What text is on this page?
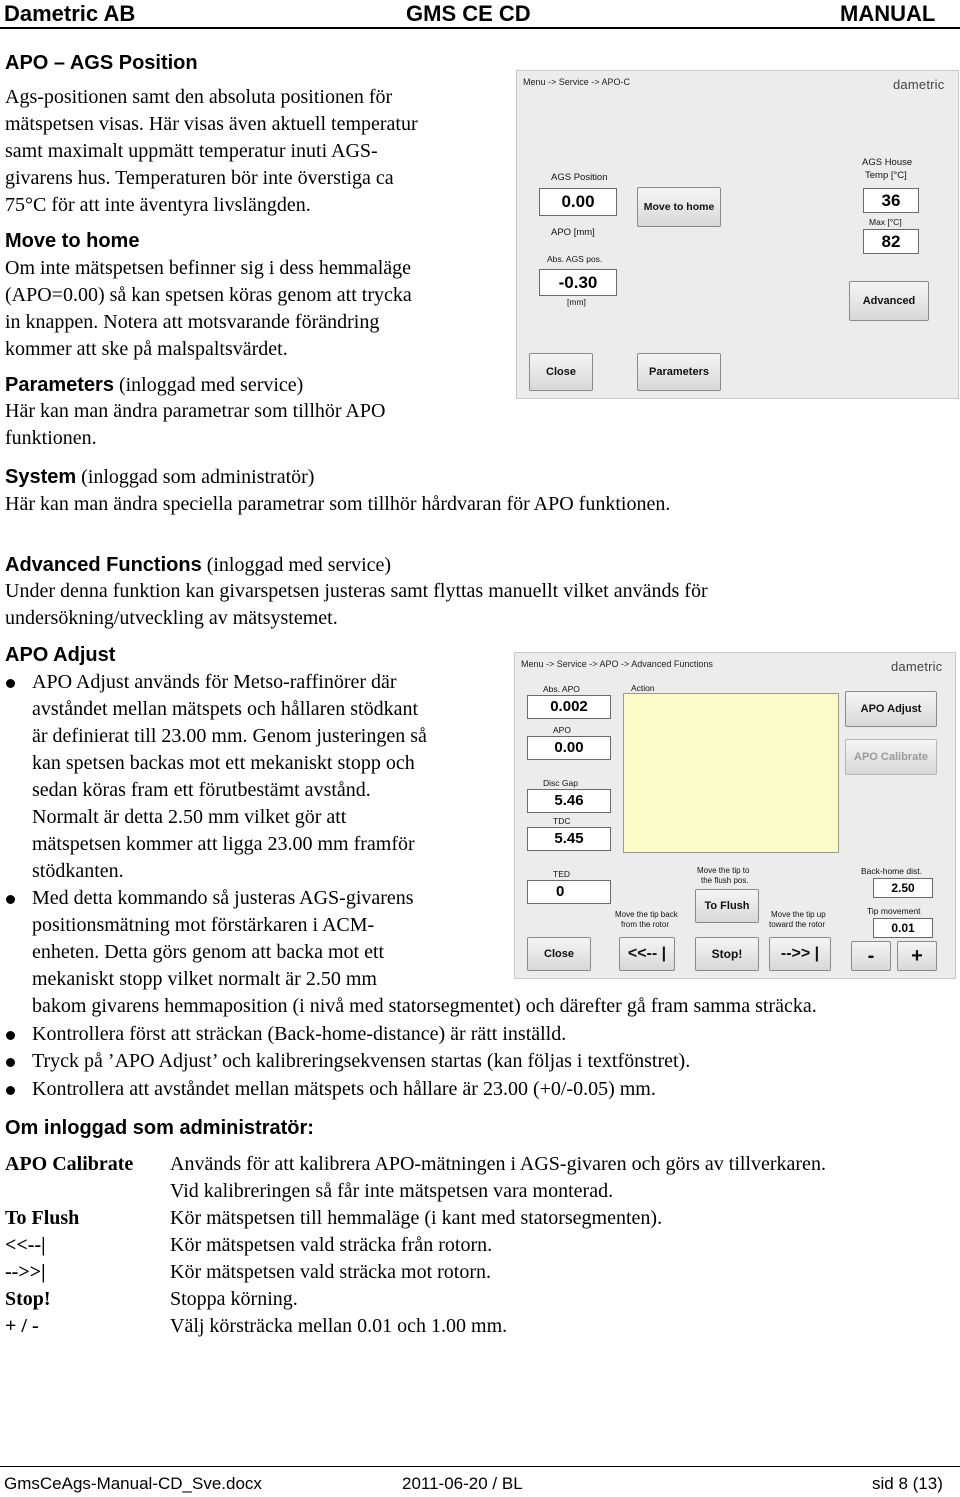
Dametric AB	GMS CE CD	MANUAL
APO – AGS Position
Ags-positionen samt den absoluta positionen för
mätspetsen visas. Här visas även aktuell temperatur
samt maximalt uppmätt temperatur inuti AGS-
givarens hus. Temperaturen bör inte överstiga ca
75°C för att inte äventyra livslängden.
Move to home
Om inte mätspetsen befinner sig i dess hemmaläge
(APO=0.00) så kan spetsen köras genom att trycka
in knappen. Notera att motsvarande förändring
kommer att ske på malspaltsvärdet.
Parameters (inloggad med service)
Här kan man ändra parametrar som tillhör APO
funktionen.
System (inloggad som administratör)
Här kan man ändra speciella parametrar som tillhör hårdvaran för APO funktionen.
Menu -> Service -> APO-C	dametric
AGS Position
0.00
APO [mm]
Abs. AGS pos.
-0.30
[mm]
Move to home
AGS House
Temp [°C]
36
Max [°C]
82
Advanced
Close	Parameters
Advanced Functions (inloggad med service)
Under denna funktion kan givarspetsen justeras samt flyttas manuellt vilket används för
undersökning/utveckling av mätsystemet.
APO Adjust
APO Adjust används för Metso-raffinörer där
avståndet mellan mätspets och hållaren stödkant
är definierat till 23.00 mm. Genom justeringen så
kan spetsen backas mot ett mekaniskt stopp och
sedan köras fram ett förutbestämt avstånd.
Normalt är detta 2.50 mm vilket gör att
mätspetsen kommer att ligga 23.00 mm framför
stödkanten.
Med detta kommando så justeras AGS-givarens
positionsmätning mot förstärkaren i ACM-
enheten. Detta görs genom att backa mot ett
mekaniskt stopp vilket normalt är 2.50 mm
bakom givarens hemmaposition (i nivå med statorsegmentet) och därefter gå fram samma sträcka.
Kontrollera först att sträckan (Back-home-distance) är rätt inställd.
Tryck på ’APO Adjust’ och kalibreringsekvensen startas (kan följas i textfönstret).
Kontrollera att avståndet mellan mätspets och hållare är 23.00 (+0/-0.05) mm.
Menu -> Service -> APO -> Advanced Functions	dametric
Abs. APO
0.002
APO
0.00
Disc Gap
5.46
TDC
5.45
TED
0
Action
APO Adjust
APO Calibrate
Move the tip to
the flush pos.
To Flush
Move the tip back
from the rotor
Move the tip up
toward the rotor
Back-home dist.
2.50
Tip movement
0.01
Close	<<-- |	Stop!	-->> |	-	+
Om inloggad som administratör:
APO Calibrate Används för att kalibrera APO-mätningen i AGS-givaren och görs av tillverkaren.
Vid kalibreringen så får inte mätspetsen vara monterad.
To Flush	Kör mätspetsen till hemmaläge (i kant med statorsegmenten).
<<--|	Kör mätspetsen vald sträcka från rotorn.
-->>|	Kör mätspetsen vald sträcka mot rotorn.
Stop!	Stoppa körning.
+ / -	Välj körsträcka mellan 0.01 och 1.00 mm.
GmsCeAgs-Manual-CD_Sve.docx	2011-06-20 / BL	sid 8 (13)
